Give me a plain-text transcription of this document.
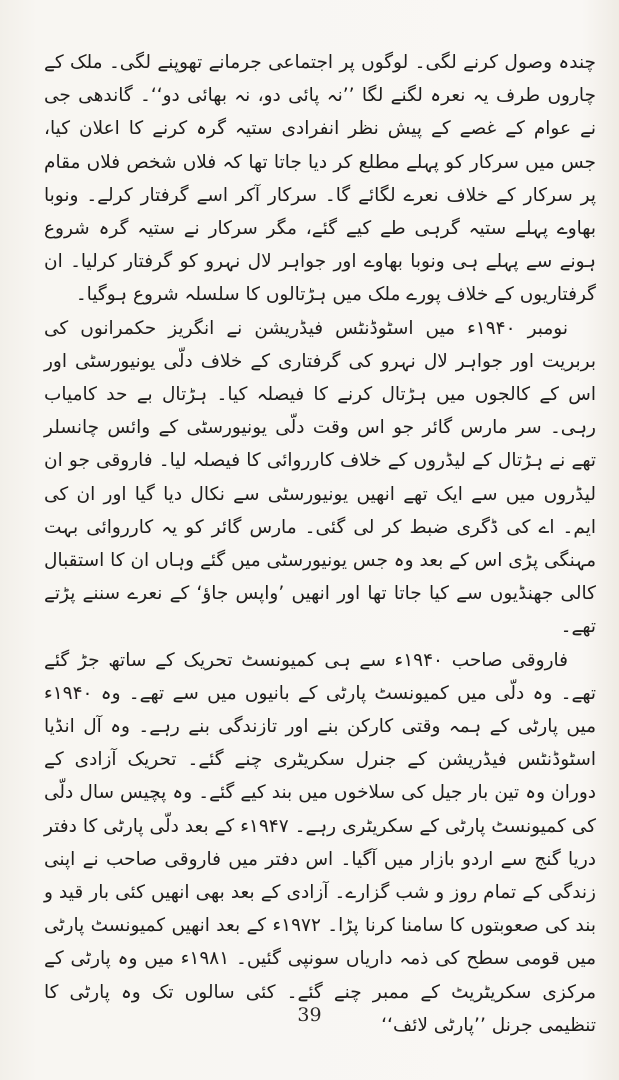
چندہ وصول کرنے لگی۔ لوگوں پر اجتماعی جرمانے تھوپنے لگی۔ ملک کے چاروں طرف یہ نعرہ لگنے لگا ’’نہ پائی دو، نہ بھائی دو‘‘۔ گاندھی جی نے عوام کے غصے کے پیش نظر انفرادی ستیہ گرہ کرنے کا اعلان کیا، جس میں سرکار کو پہلے مطلع کر دیا جاتا تھا کہ فلاں شخص فلاں مقام پر سرکار کے خلاف نعرے لگائے گا۔ سرکار آکر اسے گرفتار کرلے۔ ونوبا بھاوے پہلے ستیہ گرہی طے کیے گئے، مگر سرکار نے ستیہ گرہ شروع ہونے سے پہلے ہی ونوبا بھاوے اور جواہر لال نہرو کو گرفتار کرلیا۔ ان گرفتاریوں کے خلاف پورے ملک میں ہڑتالوں کا سلسلہ شروع ہوگیا۔

نومبر ۱۹۴۰ء میں اسٹوڈنٹس فیڈریشن نے انگریز حکمرانوں کی بربریت اور جواہر لال نہرو کی گرفتاری کے خلاف دلّی یونیورسٹی اور اس کے کالجوں میں ہڑتال کرنے کا فیصلہ کیا۔ ہڑتال بے حد کامیاب رہی۔ سر مارس گائر جو اس وقت دلّی یونیورسٹی کے وائس چانسلر تھے نے ہڑتال کے لیڈروں کے خلاف کارروائی کا فیصلہ لیا۔ فاروقی جو ان لیڈروں میں سے ایک تھے انھیں یونیورسٹی سے نکال دیا گیا اور ان کی ایم۔ اے کی ڈگری ضبط کر لی گئی۔ مارس گائر کو یہ کارروائی بہت مہنگی پڑی اس کے بعد وہ جس یونیورسٹی میں گئے وہاں ان کا استقبال کالی جھنڈیوں سے کیا جاتا تھا اور انھیں ’واپس جاؤ‘ کے نعرے سننے پڑتے تھے۔

فاروقی صاحب ۱۹۴۰ء سے ہی کمیونسٹ تحریک کے ساتھ جڑ گئے تھے۔ وہ دلّی میں کمیونسٹ پارٹی کے بانیوں میں سے تھے۔ وہ ۱۹۴۰ء میں پارٹی کے ہمہ وقتی کارکن بنے اور تازندگی بنے رہے۔ وہ آل انڈیا اسٹوڈنٹس فیڈریشن کے جنرل سکریٹری چنے گئے۔ تحریک آزادی کے دوران وہ تین بار جیل کی سلاخوں میں بند کیے گئے۔ وہ پچیس سال دلّی کی کمیونسٹ پارٹی کے سکریٹری رہے۔ ۱۹۴۷ء کے بعد دلّی پارٹی کا دفتر دریا گنج سے اردو بازار میں آگیا۔ اس دفتر میں فاروقی صاحب نے اپنی زندگی کے تمام روز و شب گزارے۔ آزادی کے بعد بھی انھیں کئی بار قید و بند کی صعوبتوں کا سامنا کرنا پڑا۔ ۱۹۷۲ء کے بعد انھیں کمیونسٹ پارٹی میں قومی سطح کی ذمہ داریاں سونپی گئیں۔ ۱۹۸۱ء میں وہ پارٹی کے مرکزی سکریٹریٹ کے ممبر چنے گئے۔ کئی سالوں تک وہ پارٹی کا تنظیمی جرنل ’’پارٹی لائف‘‘

39
